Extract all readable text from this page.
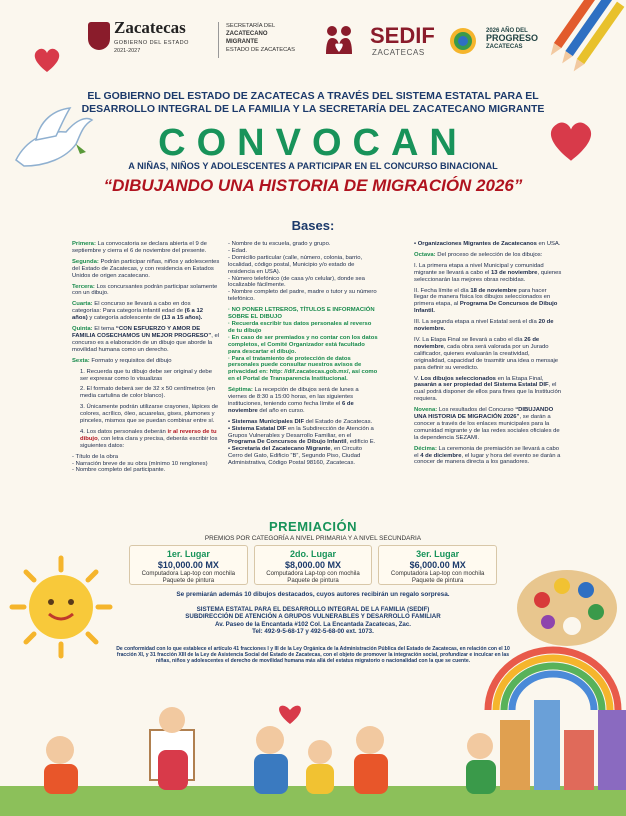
Zacatecas
GOBIERNO DEL ESTADO
2021-2027
SECRETARÍA DEL

ZACATECANO
MIGRANTE
ESTADO DE ZACATECAS
SEDIF
ZACATECAS
2026 AÑO DEL
PROGRESO
ZACATECAS
EL GOBIERNO DEL ESTADO DE ZACATECAS A TRAVÉS DEL SISTEMA ESTATAL PARA EL DESARROLLO INTEGRAL DE LA FAMILIA Y LA SECRETARÍA DEL ZACATECANO MIGRANTE
CONVOCAN
A NIÑAS, NIÑOS Y ADOLESCENTES A PARTICIPAR EN EL CONCURSO BINACIONAL
“DIBUJANDO UNA HISTORIA DE MIGRACIÓN 2026”
Bases:

Primera: La convocatoria se declara abierta el 9 de septiembre y cierra el 6 de noviembre del presente.

Segunda: Podrán participar niñas, niños y adolescentes del Estado de Zacatecas, y con residencia en Estados Unidos de origen zacatecano.

Tercera: Los concursantes podrán participar solamente con un dibujo.

Cuarta: El concurso se llevará a cabo en dos categorías: Para categoría infantil edad de (6 a 12 años) y categoría adolescente de (13 a 15 años).

Quinta: El tema “CON ESFUERZO Y AMOR DE FAMILIA COSECHAMOS UN MEJOR PROGRESO”, el concurso es a elaboración de un dibujo que aborde la movilidad humana como un derecho.

Sexta: Formato y requisitos del dibujo

1. Recuerda que tu dibujo debe ser original y debe ser expresar como lo visualizas

2. El formato deberá ser de 32 x 50 centímetros (en media cartulina de color blanco).

3. Únicamente podrán utilizarse crayones, lápices de colores, acrílico, óleo, acuarelas, gises, plumones y pinceles, mismos que se puedan combinar entre sí.

4. Los datos personales deberán ir al reverso de tu dibujo, con letra clara y precisa, deberás escribir los siguientes datos:

- Título de la obra
- Narración breve de su obra (mínimo 10 renglones)
- Nombre completo del participante.
- Nombre de tu escuela, grado y grupo.
- Edad.
- Domicilio particular (calle, número, colonia, barrio, localidad, código postal, Municipio y/o estado de residencia en USA).
- Número telefónico (de casa y/o celular), donde sea localizable fácilmente.

- Nombre completo del padre, madre o tutor y su número telefónico.

· NO PONER LETREROS, TÍTULOS E INFORMACIÓN SOBRE EL DIBUJO
· Recuerda escribir tus datos personales al reverso de tu dibujo
· En caso de ser premiados y no contar con los datos completos, el Comité Organizador está facultado para descartar el dibujo.

· Para el tratamiento de protección de datos personales puede consultar nuestros avisos de privacidad en: http: //dif.zacatecas.gob.mx/, así como en el Portal de Transparencia Institucional.

Séptima: La recepción de dibujos será de lunes a viernes de 8:30 a 15:00 horas, en las siguientes instituciones, teniendo como fecha límite el 6 de noviembre del año en curso.

• Sistemas Municipales DIF del Estado de Zacatecas.
• Sistema Estatal DIF en la Subdirección de Atención a Grupos Vulnerables y Desarrollo Familiar, en el Programa De Concursos de Dibujo Infantil, edificio E.
• Secretaría del Zacatecano Migrante, en Circuito Cerro del Gato, Edificio “B”, Segundo Piso, Ciudad Administrativa, Código Postal 98160, Zacatecas.

• Organizaciones Migrantes de Zacatecanos en USA.

Octava: Del proceso de selección de los dibujos:

I. La primera etapa a nivel Municipal y comunidad migrante se llevará a cabo el 13 de noviembre, quienes seleccionarán las mejores obras recibidas.

II. Fecha límite el día 18 de noviembre para hacer llegar de manera física los dibujos seleccionados en primera etapa, al Programa De Concursos de Dibujo Infantil.

III. La segunda etapa a nivel Estatal será el día 20 de noviembre.

IV. La Etapa Final se llevará a cabo el día 26 de noviembre, cada obra será valorada por un Jurado calificador, quienes evaluarán la creatividad, originalidad, capacidad de trasmitir una idea o mensaje para definir su veredicto.

V. Los dibujos seleccionados en la Etapa Final, pasarán a ser propiedad del Sistema Estatal DIF, el cual podrá disponer de ellos para fines que la Institución requiera.

Novena: Los resultados del Concurso “DIBUJANDO UNA HISTORIA DE MIGRACIÓN 2026”, se darán a conocer a través de los enlaces municipales para la comunidad migrante y de las redes sociales oficiales de la dependencia SEZAMI.

Décima: La ceremonia de premiación se llevará a cabo el 4 de diciembre, el lugar y hora del evento se darán a conocer de manera directa a los ganadores.

PREMIACIÓN
PREMIOS POR CATEGORÍA A NIVEL PRIMARIA Y A NIVEL SECUNDARIA
1er. Lugar
$10,000.00 MX
Computadora Lap-top con mochila
Paquete de pintura
2do. Lugar
$8,000.00 MX
Computadora Lap-top con mochila
Paquete de pintura
3er. Lugar
$6,000.00 MX
Computadora Lap-top con mochila
Paquete de pintura
Se premiarán además 10 dibujos destacados, cuyos autores recibirán un regalo sorpresa.
SISTEMA ESTATAL PARA EL DESARROLLO INTEGRAL DE LA FAMILIA (SEDIF)
SUBDIRECCIÓN DE ATENCIÓN A GRUPOS VULNERABLES Y DESARROLLO FAMILIAR
Av. Paseo de la Encantada #102 Col. La Encantada Zacatecas, Zac.
Tel: 492-9-5-68-17 y 492-5-68-00 ext. 1073.
De conformidad con lo que establece el artículo 41 fracciones I y III de la Ley Orgánica de la Administración Pública del Estado de Zacatecas, en relación con el 10 fracción XI, y 31 fracción XIII de la Ley de Asistencia Social del Estado de Zacatecas, con el objeto de promover la integración social, profundizar e inculcar en las niñas, niños y adolescentes el derecho de movilidad humana más allá del estatus migratorio o nacionalidad con la que se cuente.
